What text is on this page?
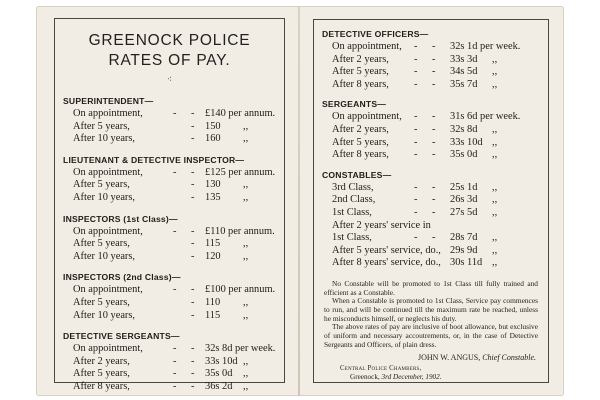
GREENOCK POLICE
RATES OF PAY.
⁖
SUPERINTENDENT—
On appointment,	- - £140 per annum.
After 5 years,	- 150 ,,
After 10 years,	- 160 ,,
LIEUTENANT & DETECTIVE INSPECTOR—
On appointment,	- - £125 per annum.
After 5 years,	- 130 ,,
After 10 years,	- 135 ,,
INSPECTORS (1st Class)—
On appointment,	- - £110 per annum.
After 5 years,	- 115 ,,
After 10 years,	- 120 ,,
INSPECTORS (2nd Class)—
On appointment,	- - £100 per annum.
After 5 years,	- 110 ,,
After 10 years,	- 115 ,,
DETECTIVE SERGEANTS—
On appointment,	- - 32s 8d per week.
After 2 years,	- - 33s 10d ,,
After 5 years,	- - 35s 0d ,,
After 8 years,	- - 36s 2d ,,
DETECTIVE OFFICERS—
On appointment, - - 32s 1d per week.
After 2 years, - - 33s 3d ,,
After 5 years, - - 34s 5d ,,
After 8 years, - - 35s 7d ,,
SERGEANTS—
On appointment, - - 31s 6d per week.
After 2 years, - - 32s 8d ,,
After 5 years, - - 33s 10d ,,
After 8 years, - - 35s 0d ,,
CONSTABLES—
3rd Class,	- - 25s 1d ,,
2nd Class,	- - 26s 3d ,,
1st Class,	- - 27s 5d ,,
After 2 years' service in
1st Class,	- - 28s 7d ,,
After 5 years' service, do., 29s 9d ,,
After 8 years' service, do., 30s 11d ,,

No Constable will be promoted to 1st Class till fully trained and efficient as a Constable.

When a Constable is promoted to 1st Class, Service pay commences to run, and will be continued till the maximum rate be reached, unless he misconducts himself, or neglects his duty.

The above rates of pay are inclusive of boot allowance, but exclusive of uniform and necessary accoutrements, or, in the case of Detective Sergeants and Officers, of plain dress.

JOHN W. ANGUS, Chief Constable.
Central Police Chambers,
Greenock, 3rd December, 1902.
